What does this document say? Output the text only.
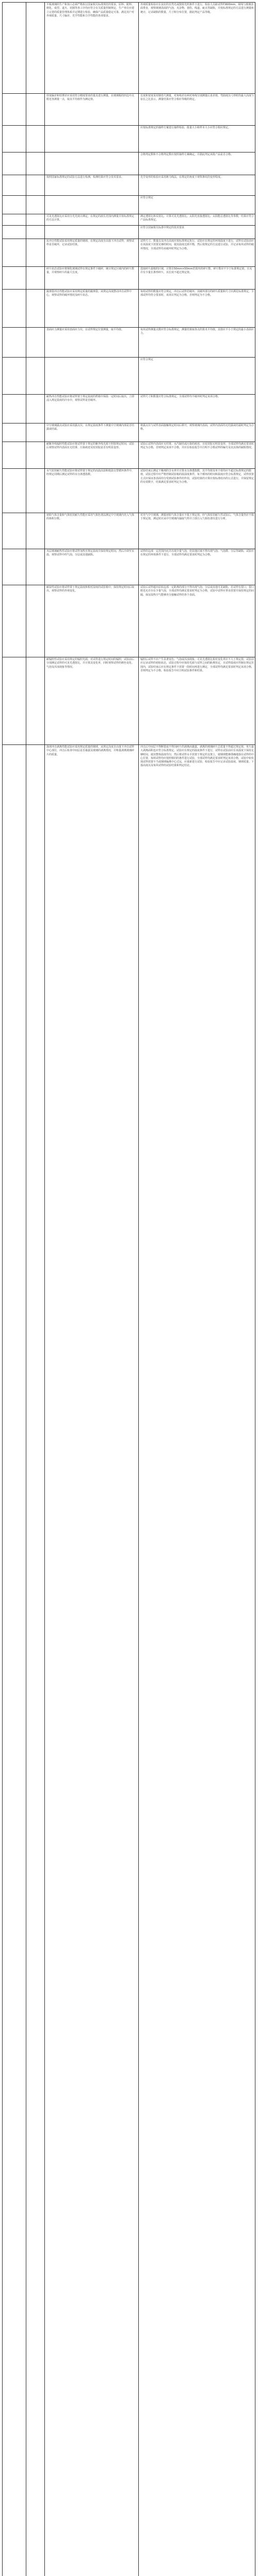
平板玻璃的生产和加工必须严格执行国家相关标准规范的要求，原料、配料、熔化、成型、退火、切割等各工序均应符合有关质量控制规定，生产单位应建立完善的质量管理体系并定期进行检验，确保产品质量稳定可靠，满足用户对外观质量、尺寸偏差、光学性能和力学性能的各项要求。
外观质量检验应在良好的自然光或散射光照条件下进行，检验人员距试样约600mm，视线与玻璃表面垂直，观察玻璃表面的气泡、夹杂物、划伤、线道、疵点等缺陷，并按标准规定的方法进行测量和统计，记录缺陷的数量、尺寸和分布位置，据此判定产品等级。
厚度偏差和厚薄差应采用符合精度要求的量具进行测量，在玻璃板的四边中点附近各测量一点，取其平均值作为测定值。
长度和宽度采用钢卷尺测量，对角线差在两对角线分别测量后求差值，弯曲度以弓形时的最大高度与弦长之比表示，测量结果应符合相应等级的规定。
应按标准规定的抽样方案进行抽样检验，批量大小和样本大小应符合相应规定。
合格判定数和不合格判定数应按照抽样方案确定，并据此判定该批产品是否合格。
按照国家标准规定的试验方法进行检测，检测结果应符合技术要求。	光学变形的检验应采用斑马线法，在规定的角度下观察条纹的变形程度。
应符合规定
可见光透射比应采用分光光度计测定，在规定的波长范围内测量并按标准规定的方法计算。
测定透射比和反射比，计算可见光透射比、太阳光直接透射比、太阳能总透射比等参数，结果应符合产品标准规定。
应符合国家相关标准中规定的技术要求
抗冲击性能试验采用规定质量的钢球，在规定高度自由落下冲击试样，观察试样是否破坏，记录试验结果。
试样尺寸、数量以及冲击高度应按标准规定执行，试验应在规定的环境温度下进行，试样在试验前应在该温度下放置足够的时间，使其温度达到平衡，然后按规定的方法进行试验，并记录每块试样的破坏情况，全部试样均未破坏时判定为合格。
碎片状态试验应将钢化玻璃试样在规定条件下破碎，统计规定区域内的碎片数量，并观察碎片的最大长度。
选取碎片最粗的区域，计算在50mm×50mm范围内的碎片数，碎片数应不少于标准规定值，且允许有少量长条形碎片，其长度不超过规定值。
霰弹袋冲击性能试验应采用规定质量的霰弹袋，从规定高度摆动冲击试样中心，观察试样的破坏情况及碎片状态。
每组试样的数量应符合规定，冲击后试样若破坏，其破坏部分的碎片质量和尺寸应满足标准规定，全部试样均符合要求时，该项目判定为合格，否则判定为不合格。
表面应力测量应采用表面应力仪，在试样规定位置测量，取平均值。	每块试样测量点数应符合标准规定，测量结果取各点的算术平均值，其值应不小于规定的最小表面应力。
应符合规定
耐热冲击性能试验应将试样置于规定温度的烘箱中保温一定时间后取出，立即浸入规定温度的冷水中，观察试样是否破坏。
试样尺寸和数量应符合标准规定，全部试样均不破坏时判定该项合格。
中空玻璃露点试验应采用露点仪，在规定温度条件下测量中空玻璃内部是否结露或结霜。
将露点仪与试样表面接触规定时间后移开，观察玻璃内表面，试样内表面均无结露或结霜时判定为合格。
耐紫外线辐照性能试验应将试样置于规定的紫外线光源下照射规定时间，试验后观察试样内表面有无结雾、污染痕迹及密封胶是否有明显变形。
试验后试样内表面应无结雾、水汽凝结或污染的痕迹，且密封胶无明显变形，全部试样均满足要求时判定为合格，否则判定该项不合格，并应在检验报告中注明不合格试样的编号及其具体的缺陷情况。
水气密封耐久性能试验应将试样置于规定的高温高湿和低温交替循环条件中，经规定周期后测定试样的水分渗透指数。
试验结束后测定干燥剂的含水率并计算水分渗透指数，其平均值及单个值均应不超过标准规定的限值，试验过程中应严格控制试验箱的温湿度条件，每个循环的时间和温度应符合标准规定，试样放置方式应保证各表面均匀受到试验条件的作用，试验结果的计算应按标准给出的公式进行，并保留规定的有效数字，结果满足要求时判定为合格。
初始气体含量和气体密封耐久性能应采用气相色谱法测定中空玻璃内充入气体的体积分数。
对充气中空玻璃，测量初始气体含量应不低于规定值，经气体密封耐久性试验后，气体含量仍应不低于规定值，测定时应从中空玻璃内抽取气样并立即注入气相色谱仪进行分析。
夹层玻璃耐热性试验应将试样加热至规定温度并保持规定时间，然后冷却至室温，观察试样中的气泡、分层或其他缺陷。
试样的边部一定范围内允许出现少量气泡，但其他区域不得出现气泡、气泡群、分层等缺陷，试验应在规定的环境条件下进行，全部试样均满足要求时判定为合格。
耐湿性试验应将试样置于规定温度和相对湿度的试验箱中，保持规定时间后取出，观察试样的外观变化。
试验后试样超出原始边部一定距离的部分不得出现气泡、分层或其他可见缺陷，若试样有裂口，裂口附近允许存在少量气泡，全部试样均满足要求时判定为合格，试验中试样应垂直放置并保持规定的间隔，保证湿热空气能够充分接触试样的各个表面。
耐辐照性试验应采用规定的辐照光源，对试样进行规定时间的辐照，试验前后分别测定试样的可见光透射比，并计算其变化率，同时观察试样的颜色变化、气泡及浑浊现象等情况。
辐照后试样不应产生显著变色、气泡或浑浊现象，可见光透射比相对变化率应不大于规定值，试验前应记录试样的初始状态，试验过程中应保持光源与试样之间的距离恒定，且试样温度应控制在规定范围内，试验结束后应在规定条件下放置一段时间再进行测定，全部试样均满足要求时判定该项合格，否则判定为不合格，检验报告中应注明试验条件和结果。
落球冲击剥离性能试验应采用规定质量的钢球，从规定高度自由落下冲击试样中心部位，冲击后检查中间层是否暴露及玻璃的剥离情况，并称量剥离玻璃碎片的质量。
冲击后中间层不得断裂或不得因碎片的剥离而暴露，剥离的玻璃碎片总质量不得超过规定值，单片最大剥离面积也应符合标准规定，试验应在规定的温度条件下进行，试样在试验前应在该温度下保持足够时间，使其整体温度均匀，然后将试样水平放置于规定的支架上，使钢球能够准确地落在试样的中心位置，每组试样均应按照相同的条件进行试验，全部试样均满足要求时判定该项合格，试验中如发现试样放置不当或钢球偏离中心过远，应重新进行试验，检验报告中应记录试验温度、钢球质量、下落高度以及每块试样的试验结果和判定结论。
